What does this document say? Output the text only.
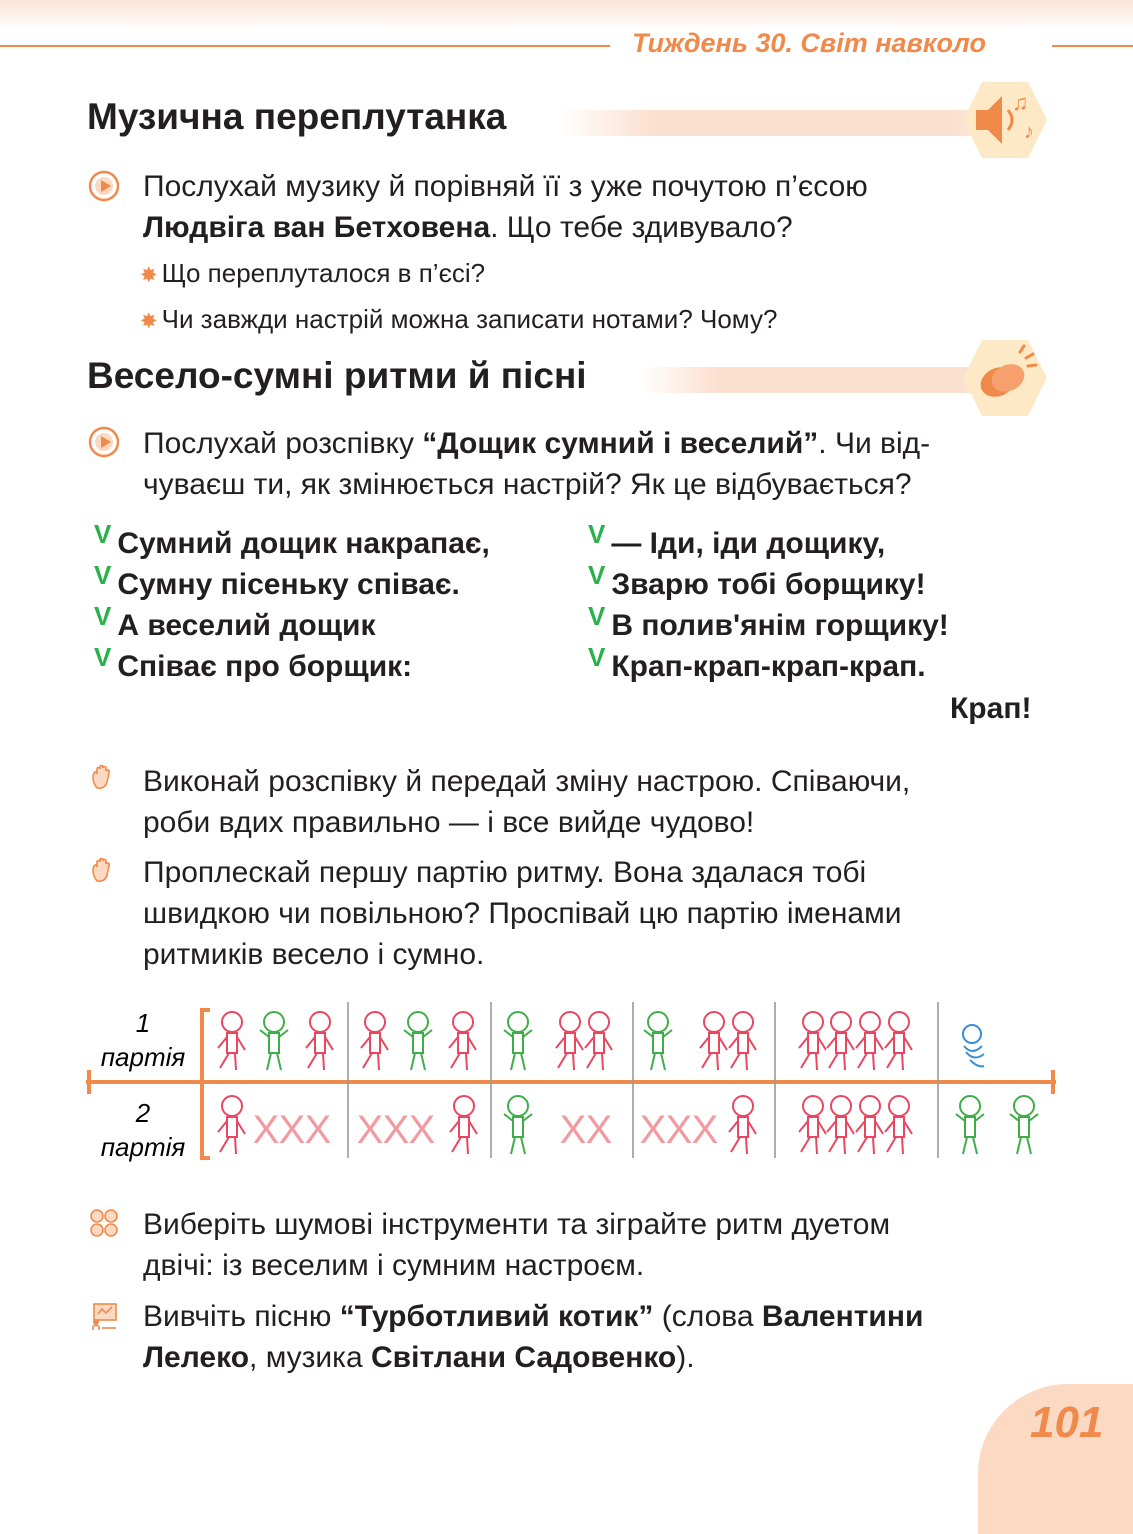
Тиждень 30. Світ навколо
Музична переплутанка	♫
♪
Послухай музику й порівняй її з уже почутою п’єсою
Людвіга ван Бетховена. Що тебе здивувало?
✸ Що переплуталося в п’єсі?
✸ Чи завжди настрій можна записати нотами? Чому?
Весело-сумні ритми й пісні
Послухай розспівку “Дощик сумний і веселий”. Чи від-
чуваєш ти, як змінюється настрій? Як це відбувається?
V Сумний дощик накрапає,
V Сумну пісеньку співає.
V А веселий дощик
V Співає про борщик:
V — Іди, іди дощику,
V Зварю тобі борщику!
V В полив'янім горщику!
V Крап-крап-крап-крап.
Крап!
Виконай розспівку й передай зміну настрою. Співаючи,
роби вдих правильно — і все вийде чудово!
Проплескай першу партію ритму. Вона здалася тобі
швидкою чи повільною? Проспівай цю партію іменами
ритмиків весело і сумно.
1
партія
2
партія X X X X X X	X X X X X
Виберіть шумові інструменти та зіграйте ритм дуетом
двічі: із веселим і сумним настроєм.
Вивчіть пісню “Турботливий котик” (слова Валентини
Лелеко, музика Світлани Садовенко).
101
